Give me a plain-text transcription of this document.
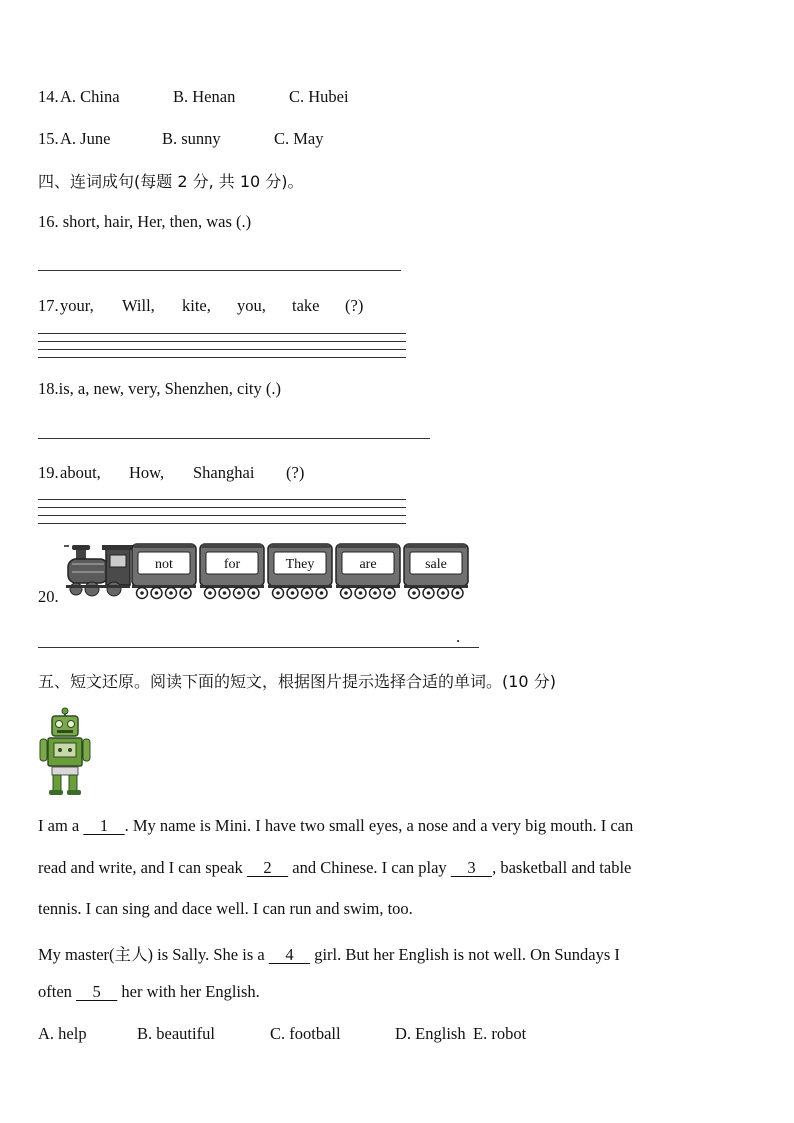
14. A. China	B. Henan	C. Hubei
15. A. June	B. sunny	C. May
四、连词成句(每题 2 分, 共 10 分)。
16. short, hair, Her, then, was (.)
17. your, Will, kite, you, take (?)
18.is, a, new, very, Shenzhen, city (.)
19. about, How, Shanghai (?)
20.
not	for	They	are	sale
.
五、短文还原。阅读下面的短文，根据图片提示选择合适的单词。(10 分)
I am a     1    . My name is Mini. I have two small eyes, a nose and a very big mouth. I can
read and write, and I can speak     2     and Chinese. I can play     3    , basketball and table
tennis. I can sing and dace well. I can run and swim, too.
My master(主人) is Sally. She is a     4     girl. But her English is not well. On Sundays I
often     5     her with her English.
A. help	B. beautiful	C. football	D. English E. robot
